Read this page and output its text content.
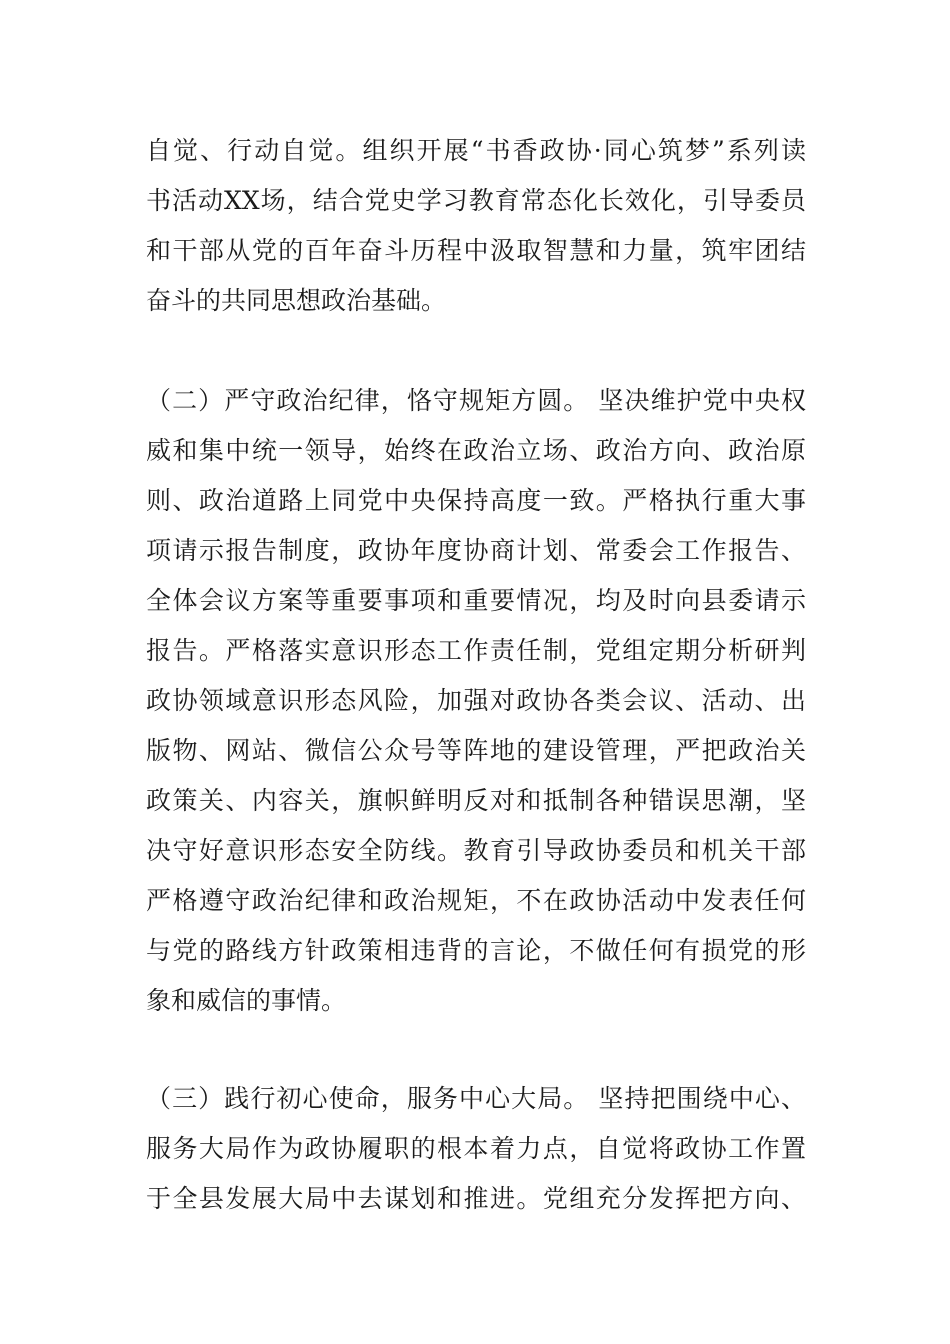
自觉、行动自觉。组织开展“书香政协·同心筑梦”系列读
书活动XX场，结合党史学习教育常态化长效化，引导委员
和干部从党的百年奋斗历程中汲取智慧和力量，筑牢团结
奋斗的共同思想政治基础。
（二）严守政治纪律，恪守规矩方圆。 坚决维护党中央权
威和集中统一领导，始终在政治立场、政治方向、政治原
则、政治道路上同党中央保持高度一致。严格执行重大事
项请示报告制度，政协年度协商计划、常委会工作报告、
全体会议方案等重要事项和重要情况，均及时向县委请示
报告。严格落实意识形态工作责任制，党组定期分析研判
政协领域意识形态风险，加强对政协各类会议、活动、出
版物、网站、微信公众号等阵地的建设管理，严把政治关
政策关、内容关，旗帜鲜明反对和抵制各种错误思潮，坚
决守好意识形态安全防线。教育引导政协委员和机关干部
严格遵守政治纪律和政治规矩，不在政协活动中发表任何
与党的路线方针政策相违背的言论，不做任何有损党的形
象和威信的事情。
（三）践行初心使命，服务中心大局。 坚持把围绕中心、
服务大局作为政协履职的根本着力点，自觉将政协工作置
于全县发展大局中去谋划和推进。党组充分发挥把方向、
